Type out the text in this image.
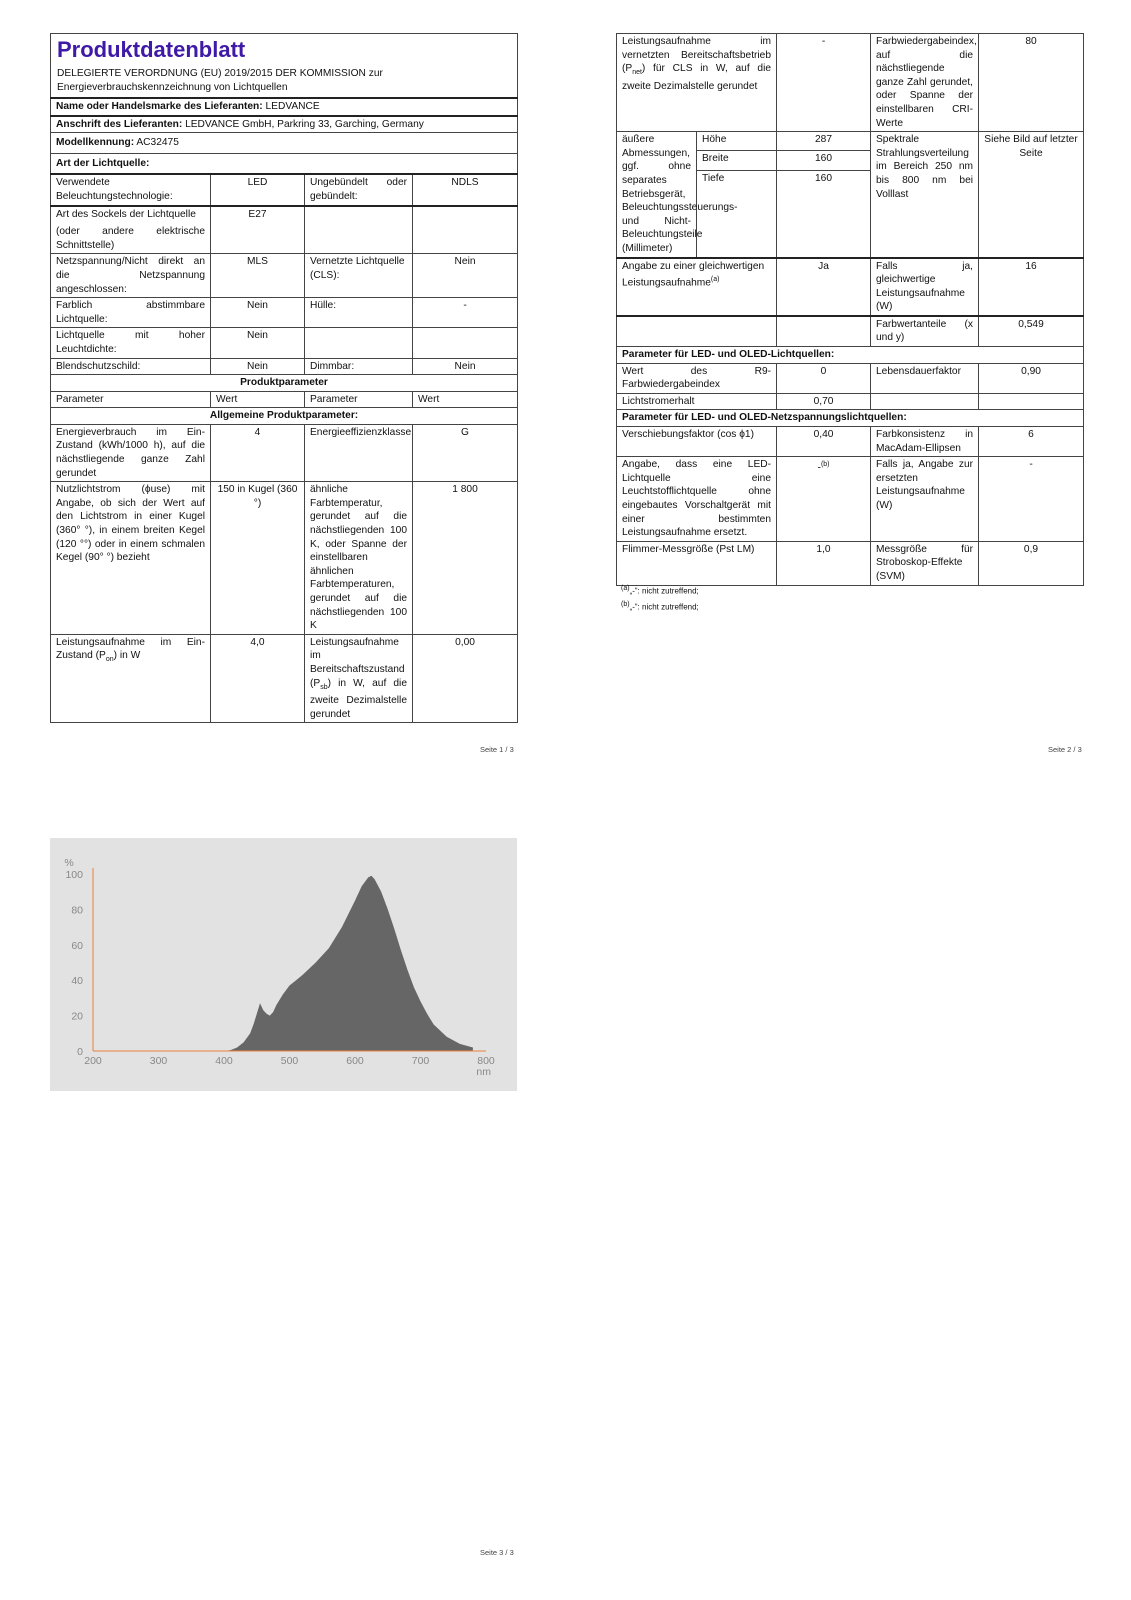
Produktdatenblatt
DELEGIERTE VERORDNUNG (EU) 2019/2015 DER KOMMISSION zur Energieverbrauchskennzeichnung von Lichtquellen			

Name oder Handelsmarke des Lieferanten: LEDVANCE			
Anschrift des Lieferanten: LEDVANCE GmbH, Parkring 33, Garching, Germany			
Modellkennung: AC32475			
Art der Lichtquelle:			
Verwendete Beleuchtungstechnologie:	LED	Ungebündelt oder gebündelt:	NDLS

Art des Sockels der Lichtquelle
(oder andere elektrische Schnittstelle)	E27		
Netzspannung/Nicht direkt an die Netzspannung angeschlossen:	MLS	Vernetzte Lichtquelle (CLS):	Nein
Farblich abstimmbare Lichtquelle:	Nein	Hülle:	-
Lichtquelle mit hoher Leuchtdichte:	Nein		
Blendschutzschild:	Nein	Dimmbar:	Nein
Produktparameter			
Parameter	Wert	Parameter	Wert
Allgemeine Produktparameter:			
Energieverbrauch im Ein-Zustand (kWh/1000 h), auf die nächstliegende ganze Zahl gerundet	4	Energieeffizienzklasse	G
Nutzlichtstrom (ϕuse) mit Angabe, ob sich der Wert auf den Lichtstrom in einer Kugel (360° °), in einem breiten Kegel (120 °°) oder in einem schmalen Kegel (90° °) bezieht	150 in Kugel (360 °)	ähnliche Farbtemperatur, gerundet auf die nächstliegenden 100 K, oder Spanne der einstellbaren ähnlichen Farbtemperaturen, gerundet auf die nächstliegenden 100 K	1 800
Leistungsaufnahme im Ein-Zustand $(P_{on})$ in W	4,0	Leistungsaufnahme im Bereitschaftszustand $(P_{sb})$ in W, auf die zweite Dezimalstelle gerundet	0,00
Seite 1 / 3
Leistungsaufnahme im vernetzten Bereitschaftsbetrieb $(P_{net})$ für CLS in W, auf die zweite Dezimalstelle gerundet		-	Farbwiedergabeindex, auf die nächstliegende ganze Zahl gerundet, oder Spanne der einstellbaren CRI-Werte	80
äußere Abmessungen, ggf. ohne separates Betriebsgerät, Beleuchtungssteuerungs- und Nicht-Beleuchtungsteile (Millimeter)	Höhe	287	Spektrale Strahlungsverteilung im Bereich 250 nm bis 800 nm bei Volllast	Siehe Bild auf letzter Seite
	Breite	160		
	Tiefe	160		
Angabe zu einer gleichwertigen Leistungsaufnahme$^{(a)}$		Ja	Falls ja, gleichwertige Leistungsaufnahme (W)	16
			Farbwertanteile (x und y)	0,549
Parameter für LED- und OLED-Lichtquellen:				
Wert des R9-Farbwiedergabeindex		0	Lebensdauerfaktor	0,90
Lichtstromerhalt		0,70		
Parameter für LED- und OLED-Netzspannungslichtquellen:				
Verschiebungsfaktor (cos ϕ1)		0,40	Farbkonsistenz in MacAdam-Ellipsen	6
Angabe, dass eine LED-Lichtquelle eine Leuchtstofflichtquelle ohne eingebautes Vorschaltgerät mit einer bestimmten Leistungsaufnahme ersetzt.		-$^{(b)}$	Falls ja, Angabe zur ersetzten Leistungsaufnahme (W)	-
Flimmer-Messgröße (Pst LM)		1,0	Messgröße für Stroboskop-Effekte (SVM)	0,9
$^{(a)}$„-“: nicht zutreffend;
$^{(b)}$„-“: nicht zutreffend;
Seite 2 / 3
0
20
40
60
80
100
%
200	300	400	500	600	700	800
nm
Seite 3 / 3
